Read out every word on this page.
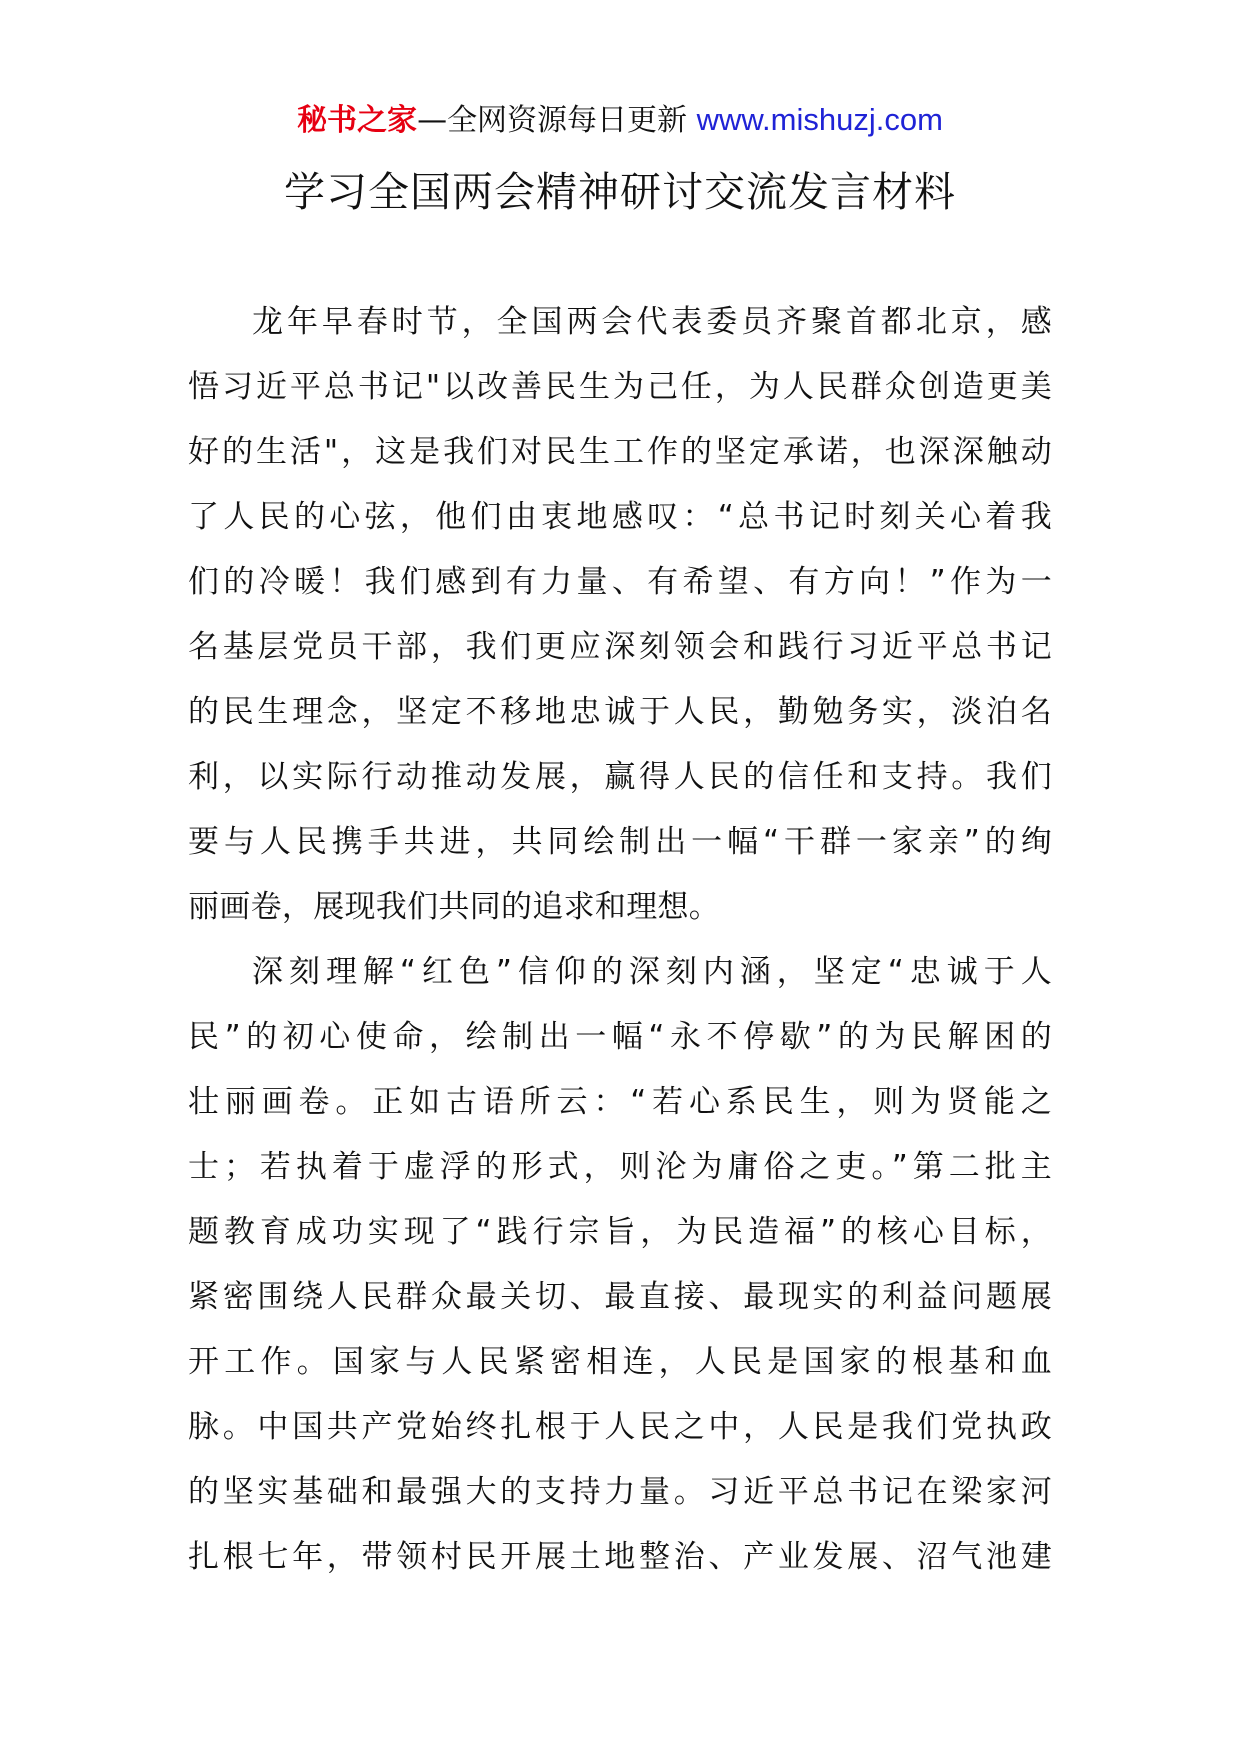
秘书之家—全网资源每日更新 www.mishuzj.com
学习全国两会精神研讨交流发言材料
龙年早春时节，全国两会代表委员齐聚首都北京，感
悟习近平总书记"以改善民生为己任，为人民群众创造更美
好的生活"，这是我们对民生工作的坚定承诺，也深深触动
了人民的心弦，他们由衷地感叹：“总书记时刻关心着我
们的冷暖！我们感到有力量、有希望、有方向！”作为一
名基层党员干部，我们更应深刻领会和践行习近平总书记
的民生理念，坚定不移地忠诚于人民，勤勉务实，淡泊名
利，以实际行动推动发展，赢得人民的信任和支持。我们
要与人民携手共进，共同绘制出一幅“干群一家亲”的绚
丽画卷，展现我们共同的追求和理想。
深刻理解“红色”信仰的深刻内涵，坚定“忠诚于人
民”的初心使命，绘制出一幅“永不停歇”的为民解困的
壮丽画卷。正如古语所云：“若心系民生，则为贤能之
士；若执着于虚浮的形式，则沦为庸俗之吏。”第二批主
题教育成功实现了“践行宗旨，为民造福”的核心目标，
紧密围绕人民群众最关切、最直接、最现实的利益问题展
开工作。国家与人民紧密相连，人民是国家的根基和血
脉。中国共产党始终扎根于人民之中，人民是我们党执政
的坚实基础和最强大的支持力量。习近平总书记在梁家河
扎根七年，带领村民开展土地整治、产业发展、沼气池建
